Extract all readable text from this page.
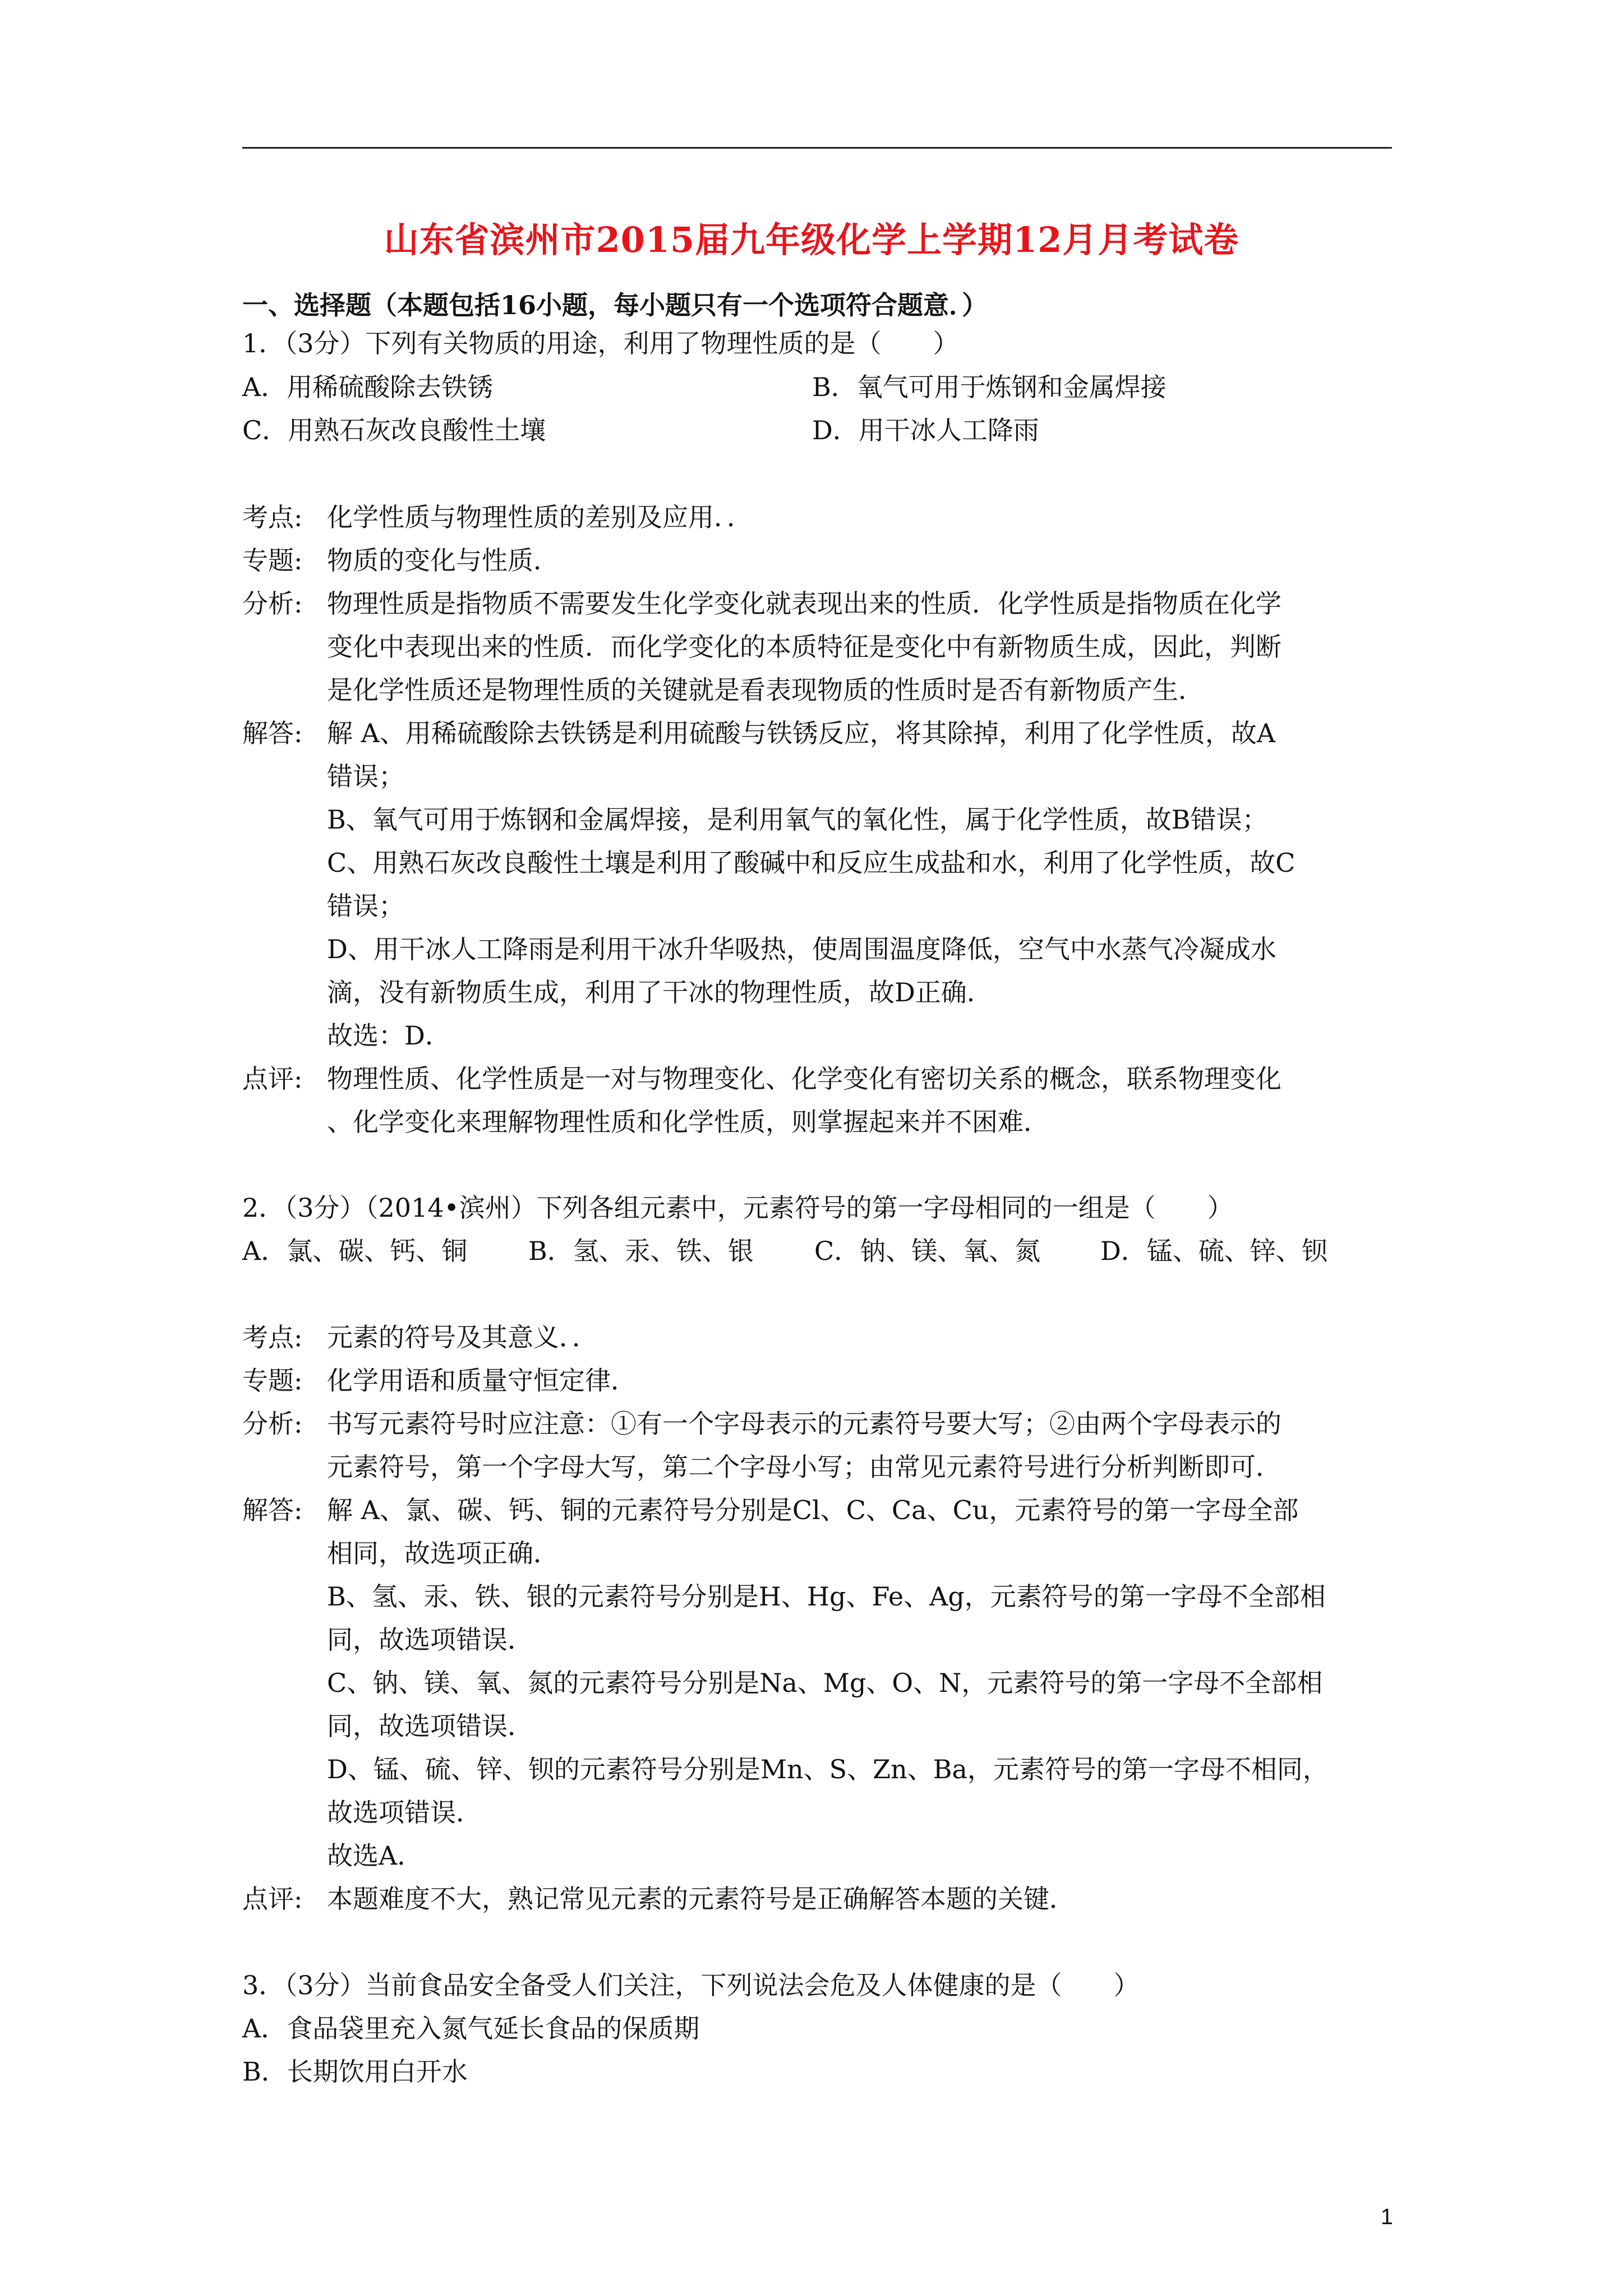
山东省滨州市2015届九年级化学上学期12月月考试卷
一、选择题（本题包括16小题，每小题只有一个选项符合题意．）
1．（3分）下列有关物质的用途，利用了物理性质的是（　　）
A．用稀硫酸除去铁锈	B．氧气可用于炼钢和金属焊接
C．用熟石灰改良酸性土壤	D．用干冰人工降雨
考点: 化学性质与物理性质的差别及应用．．
专题: 物质的变化与性质．
分析: 物理性质是指物质不需要发生化学变化就表现出来的性质．化学性质是指物质在化学
变化中表现出来的性质．而化学变化的本质特征是变化中有新物质生成，因此，判断
是化学性质还是物理性质的关键就是看表现物质的性质时是否有新物质产生．
解答: 解 A、用稀硫酸除去铁锈是利用硫酸与铁锈反应，将其除掉，利用了化学性质，故A
错误；
B、氧气可用于炼钢和金属焊接，是利用氧气的氧化性，属于化学性质，故B错误；
C、用熟石灰改良酸性土壤是利用了酸碱中和反应生成盐和水，利用了化学性质，故C
错误；
D、用干冰人工降雨是利用干冰升华吸热，使周围温度降低，空气中水蒸气冷凝成水
滴，没有新物质生成，利用了干冰的物理性质，故D正确．
故选：D．
点评: 物理性质、化学性质是一对与物理变化、化学变化有密切关系的概念，联系物理变化
、化学变化来理解物理性质和化学性质，则掌握起来并不困难．
2．（3分）（2014•滨州）下列各组元素中，元素符号的第一字母相同的一组是（　　）
A．氯、碳、钙、铜 B．氢、汞、铁、银 C．钠、镁、氧、氮 D．锰、硫、锌、钡
考点: 元素的符号及其意义．．
专题: 化学用语和质量守恒定律．
分析: 书写元素符号时应注意：①有一个字母表示的元素符号要大写；②由两个字母表示的
元素符号，第一个字母大写，第二个字母小写；由常见元素符号进行分析判断即可．
解答: 解 A、氯、碳、钙、铜的元素符号分别是Cl、C、Ca、Cu，元素符号的第一字母全部
相同，故选项正确．
B、氢、汞、铁、银的元素符号分别是H、Hg、Fe、Ag，元素符号的第一字母不全部相
同，故选项错误．
C、钠、镁、氧、氮的元素符号分别是Na、Mg、O、N，元素符号的第一字母不全部相
同，故选项错误．
D、锰、硫、锌、钡的元素符号分别是Mn、S、Zn、Ba，元素符号的第一字母不相同，
故选项错误．
故选A．
点评: 本题难度不大，熟记常见元素的元素符号是正确解答本题的关键．
3．（3分）当前食品安全备受人们关注，下列说法会危及人体健康的是（　　）
A．食品袋里充入氮气延长食品的保质期
B．长期饮用白开水
1
